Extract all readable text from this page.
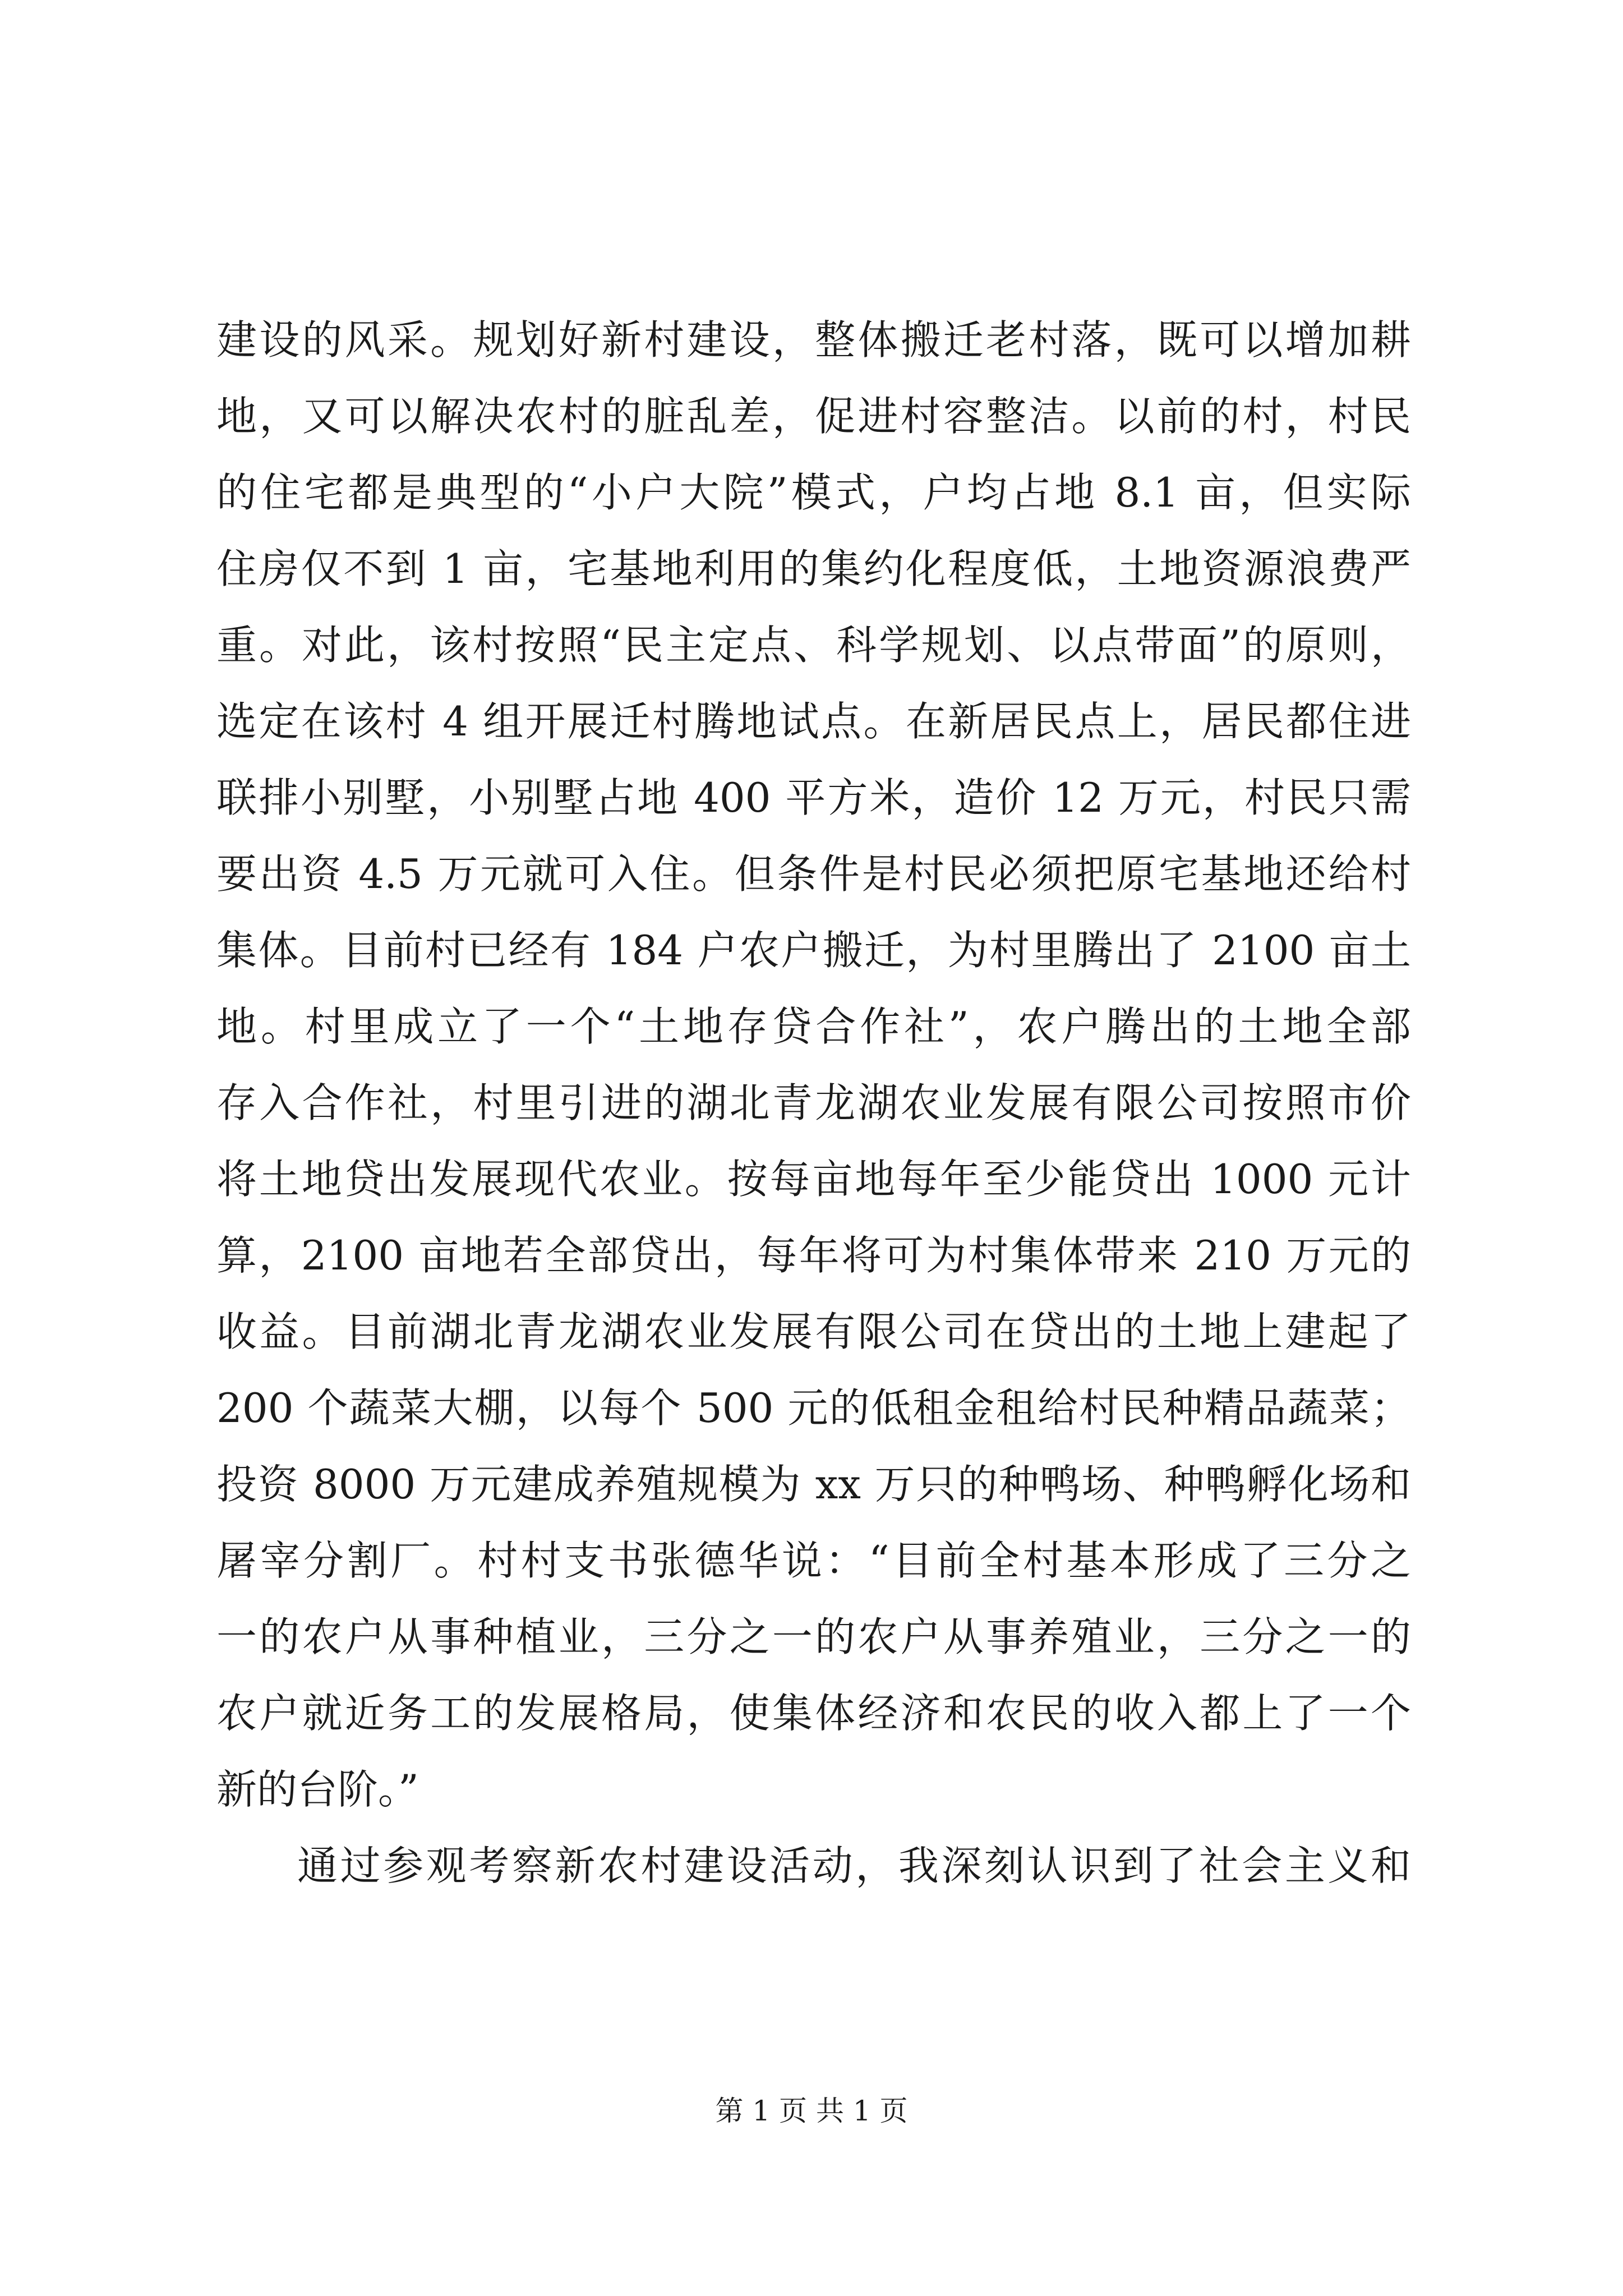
建设的风采。规划好新村建设，整体搬迁老村落，既可以增加耕
地，又可以解决农村的脏乱差，促进村容整洁。以前的村，村民
的住宅都是典型的“小户大院”模式，户均占地 8.1 亩，但实际
住房仅不到 1 亩，宅基地利用的集约化程度低，土地资源浪费严
重。对此，该村按照“民主定点、科学规划、以点带面”的原则，
选定在该村 4 组开展迁村腾地试点。在新居民点上，居民都住进
联排小别墅，小别墅占地 400 平方米，造价 12 万元，村民只需
要出资 4.5 万元就可入住。但条件是村民必须把原宅基地还给村
集体。目前村已经有 184 户农户搬迁，为村里腾出了 2100 亩土
地。村里成立了一个“土地存贷合作社”，农户腾出的土地全部
存入合作社，村里引进的湖北青龙湖农业发展有限公司按照市价
将土地贷出发展现代农业。按每亩地每年至少能贷出 1000 元计
算，2100 亩地若全部贷出，每年将可为村集体带来 210 万元的
收益。目前湖北青龙湖农业发展有限公司在贷出的土地上建起了
200 个蔬菜大棚，以每个 500 元的低租金租给村民种精品蔬菜；
投资 8000 万元建成养殖规模为 xx 万只的种鸭场、种鸭孵化场和
屠宰分割厂。村村支书张德华说：“目前全村基本形成了三分之
一的农户从事种植业，三分之一的农户从事养殖业，三分之一的
农户就近务工的发展格局，使集体经济和农民的收入都上了一个
新的台阶。”
通过参观考察新农村建设活动，我深刻认识到了社会主义和
第 1 页 共 1 页
